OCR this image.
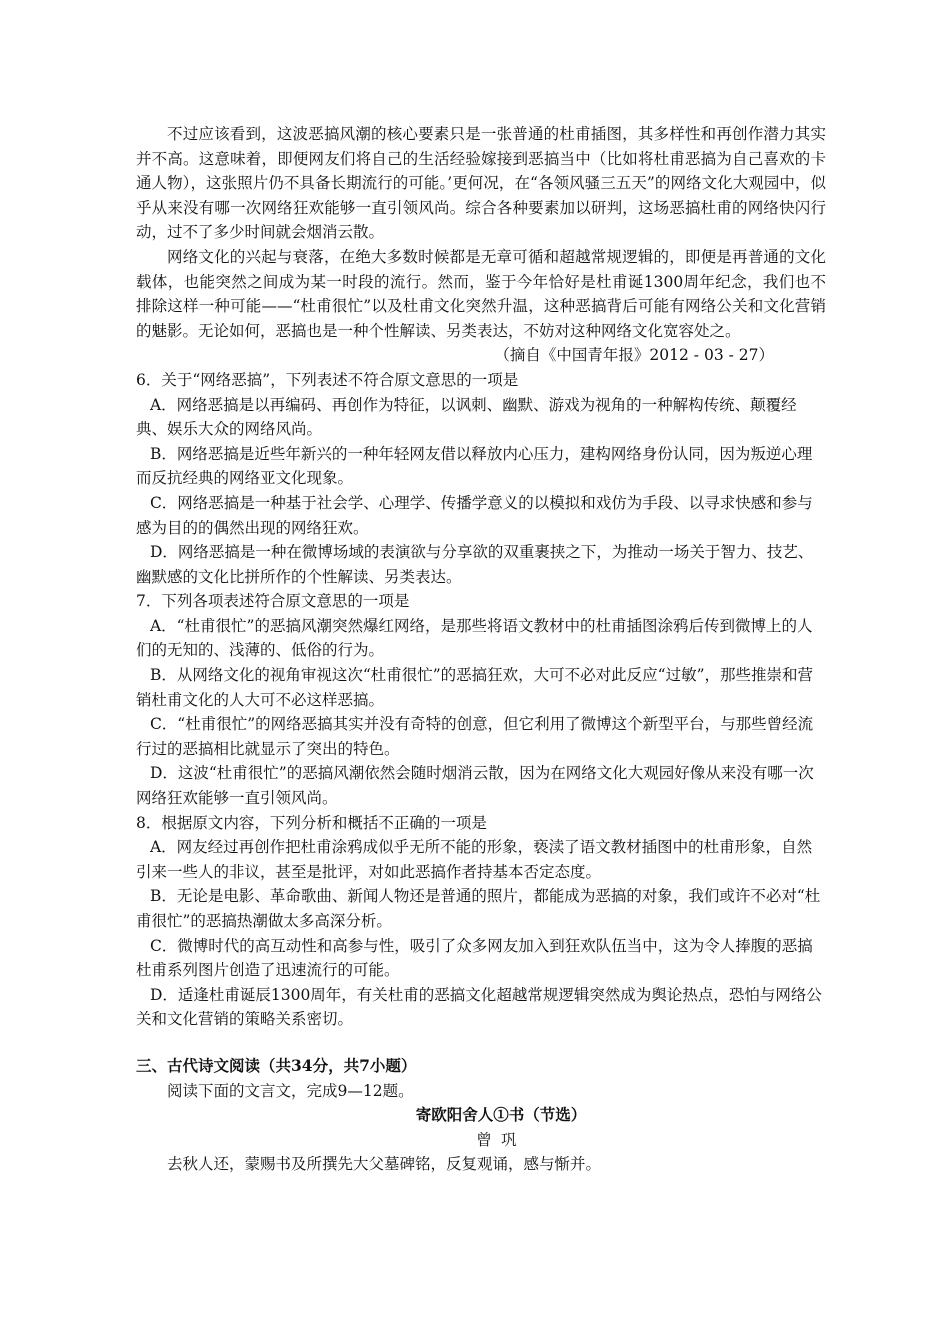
不过应该看到，这波恶搞风潮的核心要素只是一张普通的杜甫插图，其多样性和再创作潜力其实并不高。这意味着，即便网友们将自己的生活经验嫁接到恶搞当中（比如将杜甫恶搞为自己喜欢的卡通人物），这张照片仍不具备长期流行的可能。’更何况，在“各领风骚三五天”的网络文化大观园中，似乎从来没有哪一次网络狂欢能够一直引领风尚。综合各种要素加以研判，这场恶搞杜甫的网络快闪行动，过不了多少时间就会烟消云散。

网络文化的兴起与衰落，在绝大多数时候都是无章可循和超越常规逻辑的，即便是再普通的文化载体，也能突然之间成为某一时段的流行。然而，鉴于今年恰好是杜甫诞1300周年纪念，我们也不排除这样一种可能——“杜甫很忙”以及杜甫文化突然升温，这种恶搞背后可能有网络公关和文化营销的魅影。无论如何，恶搞也是一种个性解读、另类表达，不妨对这种网络文化宽容处之。

（摘自《中国青年报》2012 - 03 - 27）

6．关于“网络恶搞”，下列表述不符合原文意思的一项是

A．网络恶搞是以再编码、再创作为特征，以讽刺、幽默、游戏为视角的一种解构传统、颠覆经典、娱乐大众的网络风尚。

B．网络恶搞是近些年新兴的一种年轻网友借以释放内心压力，建构网络身份认同，因为叛逆心理而反抗经典的网络亚文化现象。

C．网络恶搞是一种基于社会学、心理学、传播学意义的以模拟和戏仿为手段、以寻求快感和参与感为目的的偶然出现的网络狂欢。

D．网络恶搞是一种在微博场域的表演欲与分享欲的双重裹挟之下，为推动一场关于智力、技艺、幽默感的文化比拼所作的个性解读、另类表达。

7．下列各项表述符合原文意思的一项是

A．“杜甫很忙”的恶搞风潮突然爆红网络，是那些将语文教材中的杜甫插图涂鸦后传到微博上的人们的无知的、浅薄的、低俗的行为。

B．从网络文化的视角审视这次“杜甫很忙”的恶搞狂欢，大可不必对此反应“过敏”，那些推崇和营销杜甫文化的人大可不必这样恶搞。

C．“杜甫很忙”的网络恶搞其实并没有奇特的创意，但它利用了微博这个新型平台，与那些曾经流行过的恶搞相比就显示了突出的特色。

D．这波“杜甫很忙”的恶搞风潮依然会随时烟消云散，因为在网络文化大观园好像从来没有哪一次网络狂欢能够一直引领风尚。

8．根据原文内容，下列分析和概括不正确的一项是

A．网友经过再创作把杜甫涂鸦成似乎无所不能的形象，亵渎了语文教材插图中的杜甫形象，自然引来一些人的非议，甚至是批评，对如此恶搞作者持基本否定态度。

B．无论是电影、革命歌曲、新闻人物还是普通的照片，都能成为恶搞的对象，我们或许不必对“杜甫很忙”的恶搞热潮做太多高深分析。

C．微博时代的高互动性和高参与性，吸引了众多网友加入到狂欢队伍当中，这为令人捧腹的恶搞杜甫系列图片创造了迅速流行的可能。

D．适逢杜甫诞辰1300周年，有关杜甫的恶搞文化超越常规逻辑突然成为舆论热点，恐怕与网络公关和文化营销的策略关系密切。

三、古代诗文阅读（共34分，共7小题）

阅读下面的文言文，完成9—12题。

寄欧阳舍人①书（节选）

曾巩

去秋人还，蒙赐书及所撰先大父墓碑铭，反复观诵，感与惭并。
